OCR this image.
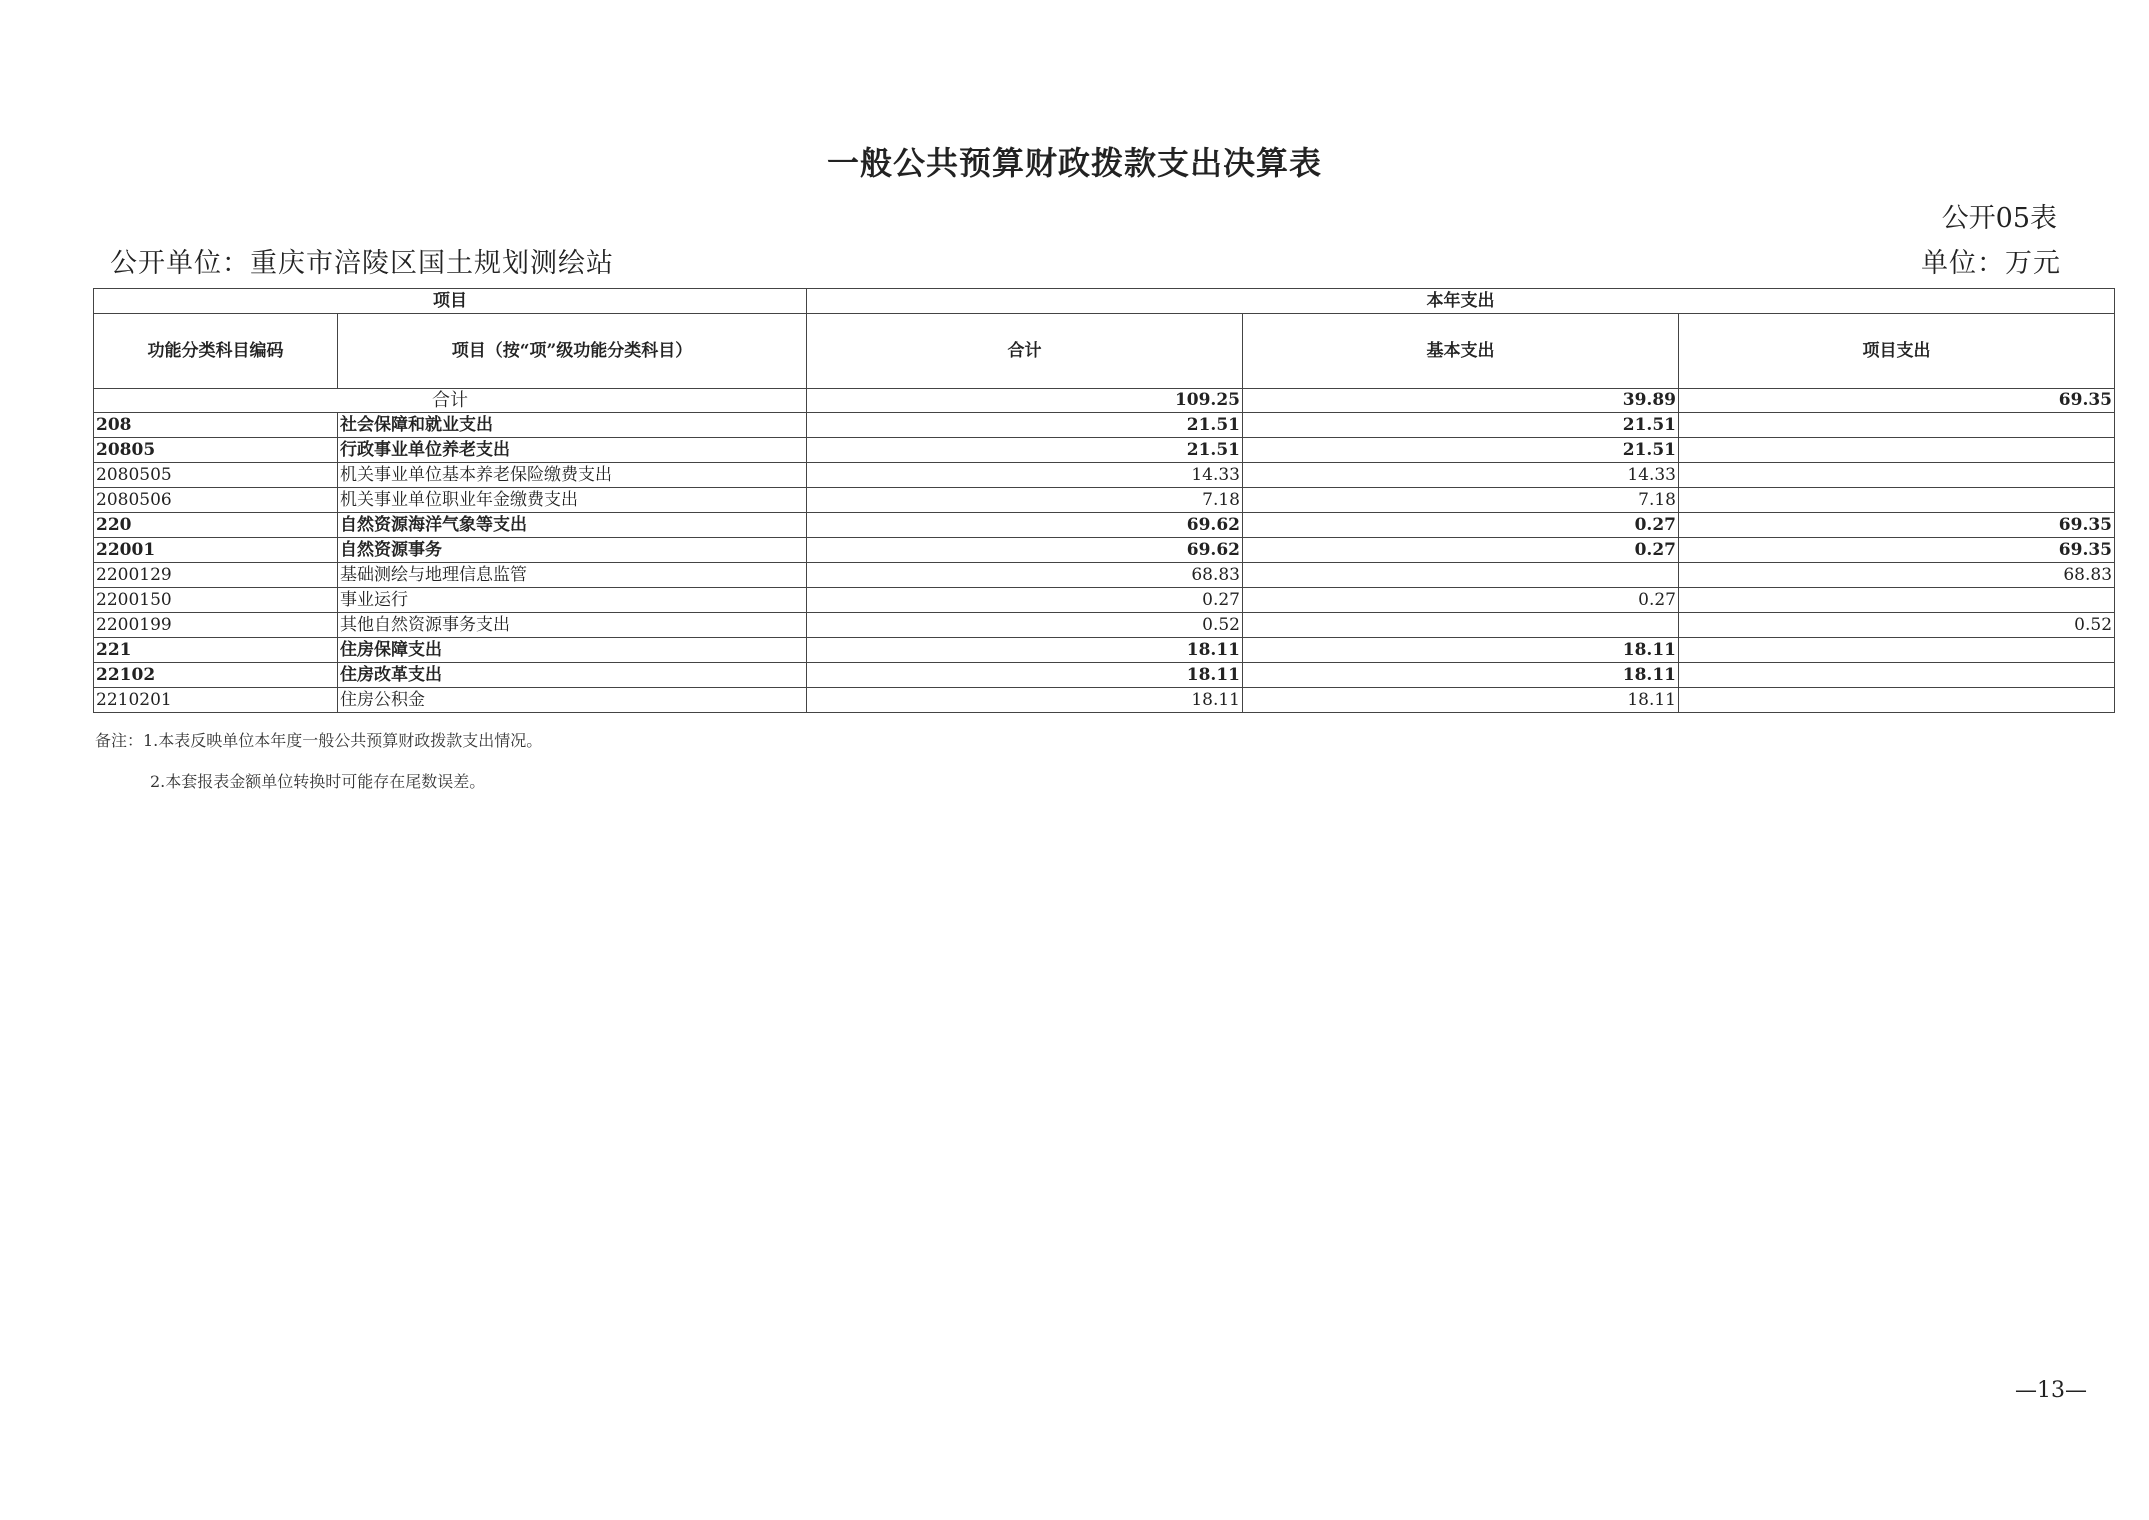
一般公共预算财政拨款支出决算表
公开05表
公开单位：重庆市涪陵区国土规划测绘站	单位：万元
项目		本年支出		
功能分类科目编码	项目（按“项”级功能分类科目）	合计	基本支出	项目支出
合计		109.25	39.89	69.35
208	社会保障和就业支出	21.51	21.51	
20805	行政事业单位养老支出	21.51	21.51	
2080505	机关事业单位基本养老保险缴费支出	14.33	14.33	
2080506	机关事业单位职业年金缴费支出	7.18	7.18	
220	自然资源海洋气象等支出	69.62	0.27	69.35
22001	自然资源事务	69.62	0.27	69.35
2200129	基础测绘与地理信息监管	68.83		68.83
2200150	事业运行	0.27	0.27	
2200199	其他自然资源事务支出	0.52		0.52
221	住房保障支出	18.11	18.11	
22102	住房改革支出	18.11	18.11	
2210201	住房公积金	18.11	18.11	
备注：1.本表反映单位本年度一般公共预算财政拨款支出情况。
2.本套报表金额单位转换时可能存在尾数误差。
—13—
